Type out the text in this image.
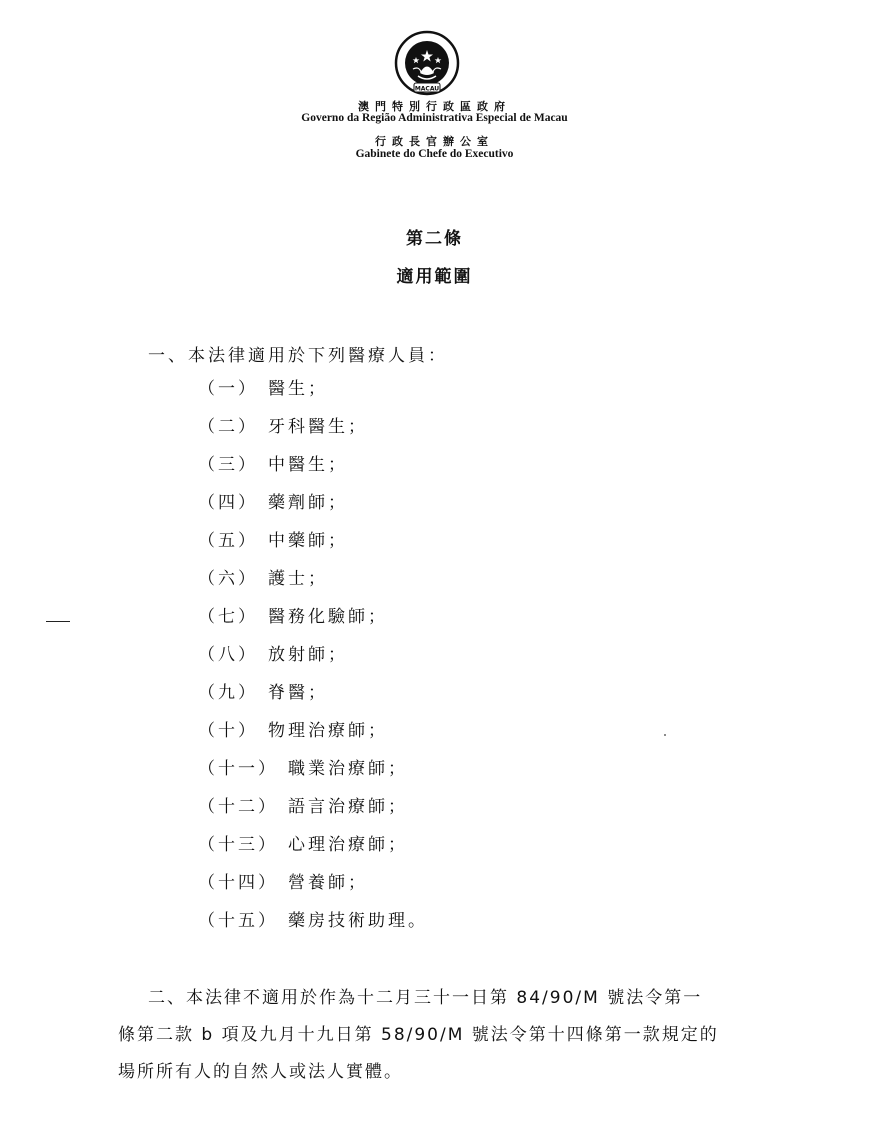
MACAU
澳門特別行政區政府
Governo da Região Administrativa Especial de Macau
行政長官辦公室
Gabinete do Chefe do Executivo
第二條
適用範圍
一、本法律適用於下列醫療人員：
（一） 醫生；
（二） 牙科醫生；
（三） 中醫生；
（四） 藥劑師；
（五） 中藥師；
（六） 護士；
（七） 醫務化驗師；
（八） 放射師；
（九） 脊醫；
（十） 物理治療師；
（十一） 職業治療師；
（十二） 語言治療師；
（十三） 心理治療師；
（十四） 營養師；
（十五） 藥房技術助理。
二、本法律不適用於作為十二月三十一日第 84/90/M 號法令第一
條第二款 b 項及九月十九日第 58/90/M 號法令第十四條第一款規定的
場所所有人的自然人或法人實體。
